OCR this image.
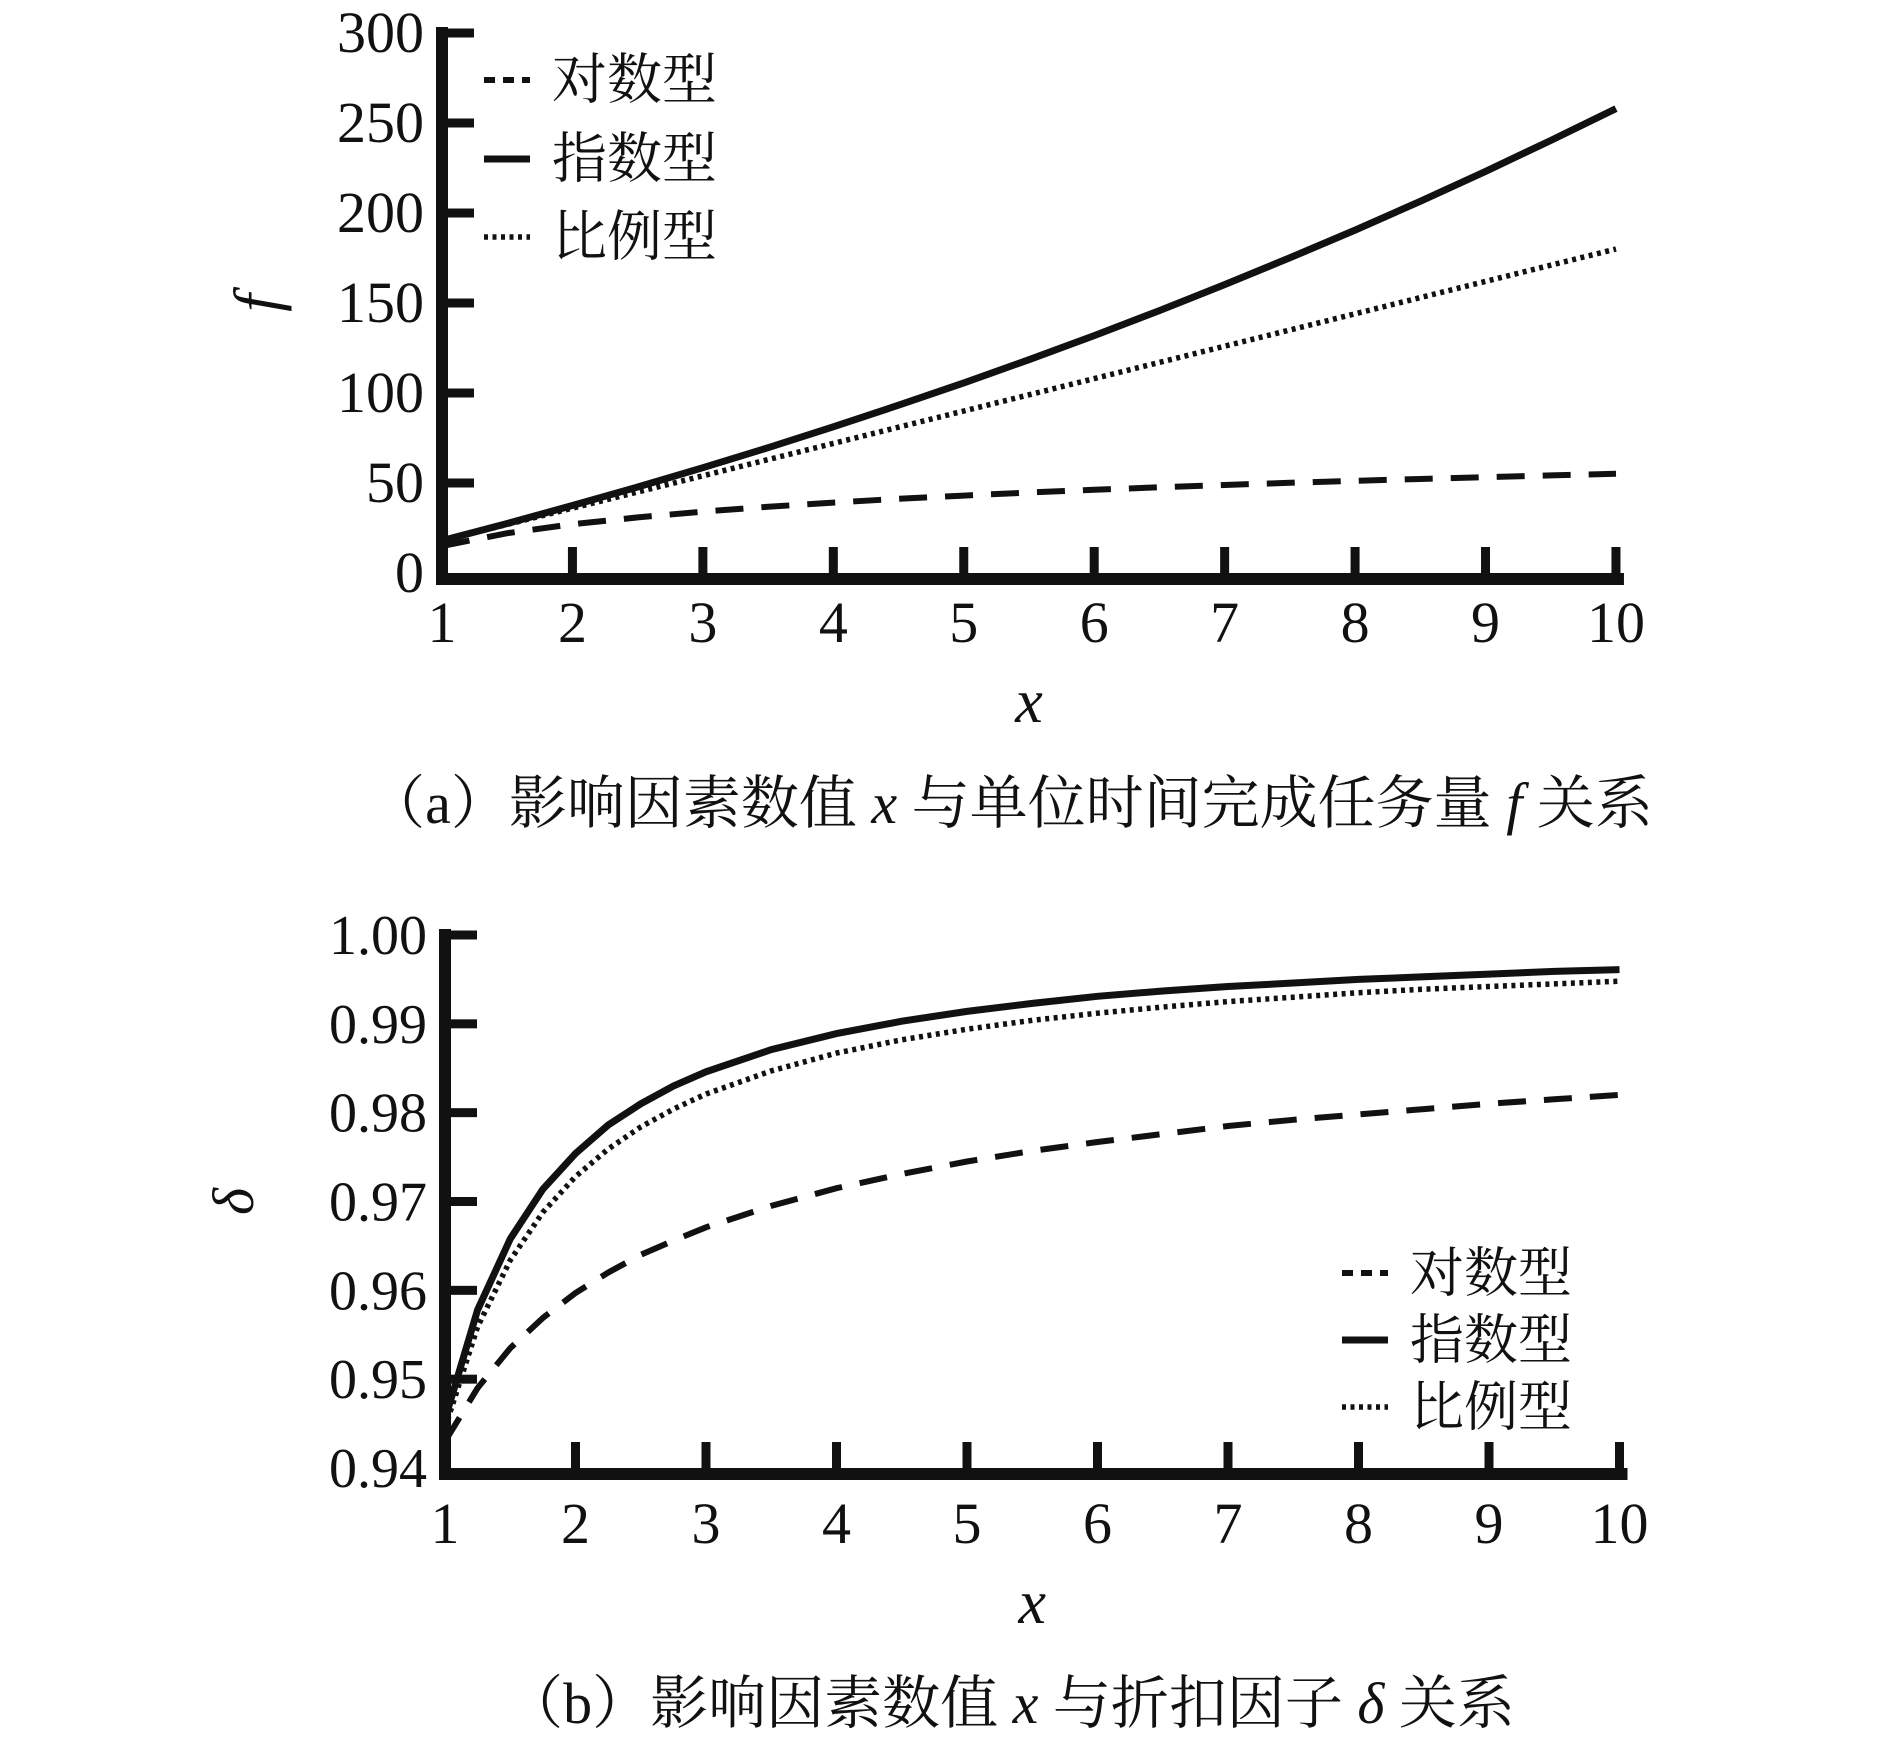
1 2 3 4 5 6 7 8 9 10
0
50
100
150
200
250
300
f
x
对数型
指数型
比例型
（a）影响因素数值 x 与单位时间完成任务量 f 关系
1 2 3 4 5 6 7 8 9 10
0.94
0.95
0.96
0.97
0.98
0.99
1.00
δ
x
对数型
指数型
比例型
（b）影响因素数值 x 与折扣因子 δ 关系
